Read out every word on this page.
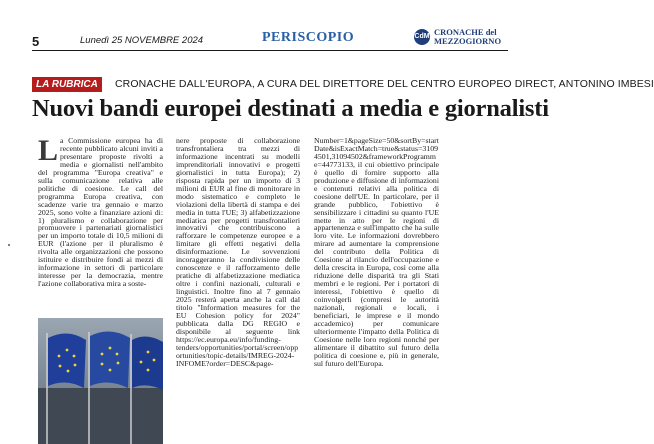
5	Lunedì 25 NOVEMBRE 2024	PERISCOPIO	CdM CRONACHE del
MEZZOGIORNO
LA RUBRICA	CRONACHE DALL'EUROPA, A CURA DEL DIRETTORE DEL CENTRO EUROPEO DIRECT, ANTONINO IMBESI
Nuovi bandi europei destinati a media e giornalisti
La Commissione europea ha di recente pubblicato alcuni inviti a presentare proposte rivolti a media e giornalisti nell'ambito del programma "Europa creativa" e sulla comunicazione relativa alle politiche di coesione. Le call del programma Europa creativa, con scadenze varie tra gennaio e marzo 2025, sono volte a finanziare azioni di: 1) pluralismo e collaborazione per promuovere i partenariati giornalistici per un importo totale di 10,5 milioni di EUR (l'azione per il pluralismo è rivolta alle organizzazioni che possono istituire e distribuire fondi ai mezzi di informazione in settori di particolare interesse per la democrazia, mentre l'azione collaborativa mira a soste-
nere proposte di collaborazione transfrontaliera tra mezzi di informazione incentrati su modelli imprenditoriali innovativi e progetti giornalistici in tutta Europa); 2) risposta rapida per un importo di 3 milioni di EUR al fine di monitorare in modo sistematico e completo le violazioni della libertà di stampa e dei media in tutta l'UE; 3) alfabetizzazione mediatica per progetti transfrontalieri innovativi che contribuiscono a rafforzare le competenze europee e a limitare gli effetti negativi della disinformazione. Le sovvenzioni incoraggeranno la condivisione delle conoscenze e il rafforzamento delle pratiche di alfabetizzazione mediatica oltre i confini nazionali, culturali e linguistici. Inoltre fino al 7 gennaio 2025 resterà aperta anche la call dal titolo "Information measures for the EU Cohesion policy for 2024" pubblicata dalla DG REGIO e disponibile al seguente link https://ec.europa.eu/info/funding-tenders/opportunities/portal/screen/opportunities/topic-details/IMREG-2024-INFOME?order=DESC&page-
Number=1&pageSize=50&sortBy=startDate&isExactMatch=true&status=31094501,31094502&frameworkProgramme=44773133, il cui obiettivo principale è quello di fornire supporto alla produzione e diffusione di informazioni e contenuti relativi alla politica di coesione dell'UE. In particolare, per il grande pubblico, l'obiettivo è sensibilizzare i cittadini su quanto l'UE mette in atto per le regioni di appartenenza e sull'impatto che ha sulle loro vite. Le informazioni dovrebbero mirare ad aumentare la comprensione del contributo della Politica di Coesione al rilancio dell'occupazione e della crescita in Europa, così come alla riduzione delle disparità tra gli Stati membri e le regioni. Per i portatori di interessi, l'obiettivo è quello di coinvolgerli (compresi le autorità nazionali, regionali e locali, i beneficiari, le imprese e il mondo accademico) per comunicare ulteriormente l'impatto della Politica di Coesione nelle loro regioni nonché per alimentare il dibattito sul futuro della politica di coesione e, più in generale, sul futuro dell'Europa.
